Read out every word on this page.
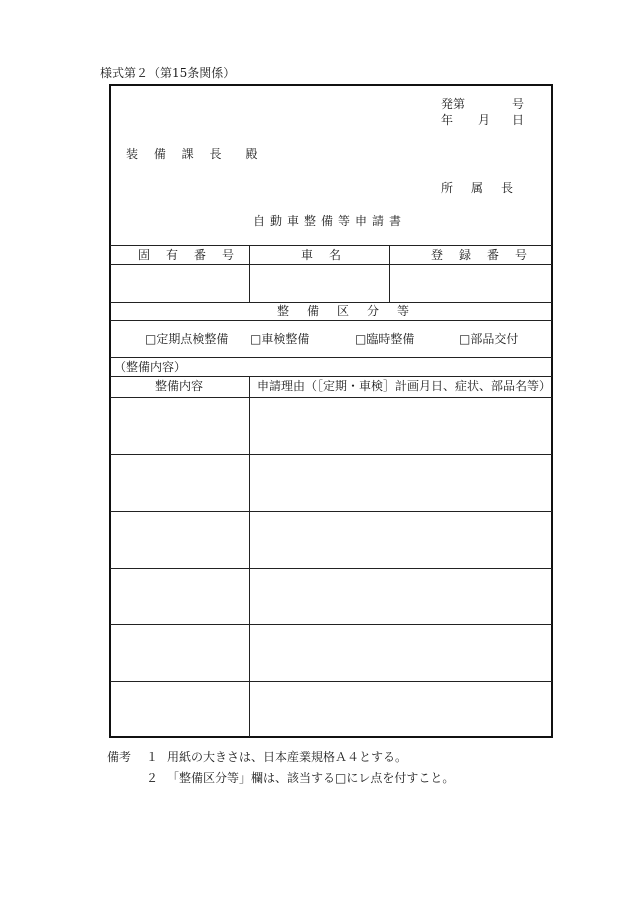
様式第２（第15条関係）
発第	号
年 月 日
装 備 課 長　殿
所　属　長
自動車整備等申請書
固　有　番　号	車　名	登　録　番　号
整　備　区　分　等
□定期点検整備 □車検整備	□臨時整備	□部品交付
（整備内容）
整備内容	申請理由（［定期・車検］計画月日、症状、部品名等）
備考 １ 用紙の大きさは、日本産業規格Ａ４とする。
２ 「整備区分等」欄は、該当する□にレ点を付すこと。
